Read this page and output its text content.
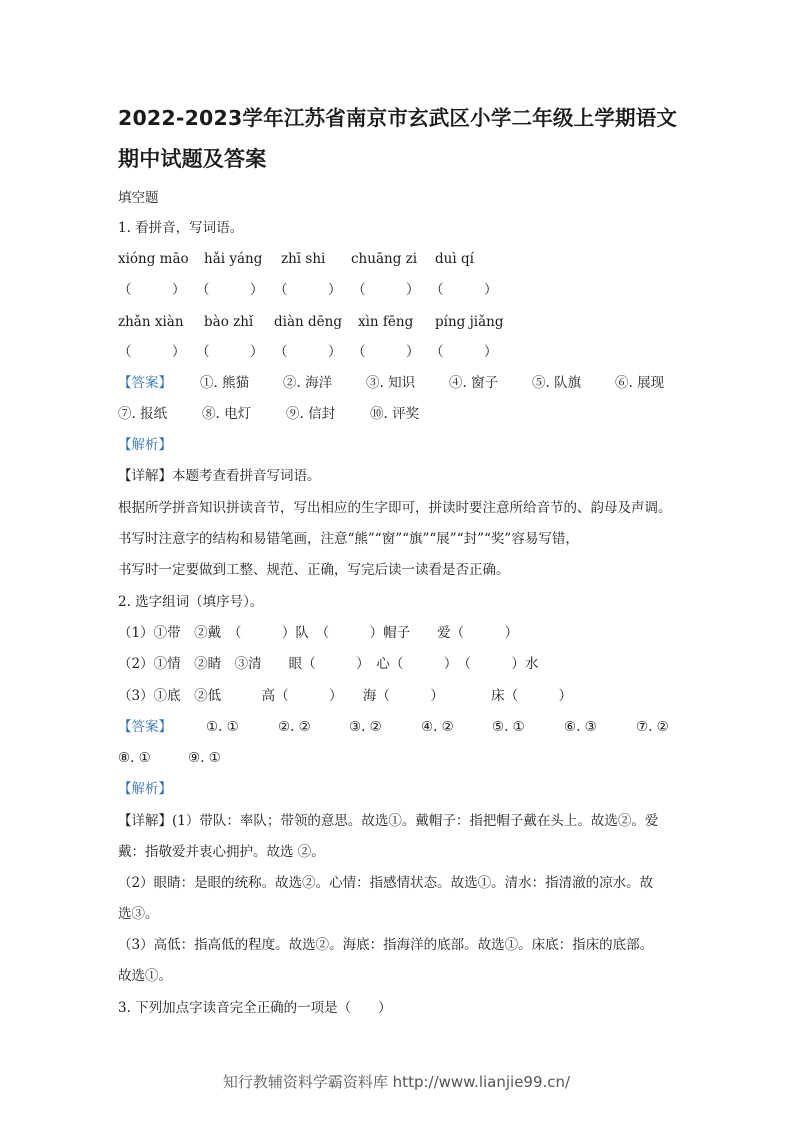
2022-2023学年江苏省南京市玄武区小学二年级上学期语文
期中试题及答案
填空题
1. 看拼音，写词语。
xióng māo hǎi yáng zhī shi chuāng zi duì qí
（　　　） （　　　） （　　　） （　　　） （　　　）
zhǎn xiàn bào zhǐ diàn dēng xìn fēng píng jiǎng
（　　　） （　　　） （　　　） （　　　） （　　　）
【答案】 ①. 熊猫	②. 海洋	③. 知识	④. 窗子	⑤. 队旗	⑥. 展现
⑦. 报纸	⑧. 电灯	⑨. 信封	⑩. 评奖
【解析】
【详解】本题考查看拼音写词语。
根据所学拼音知识拼读音节，写出相应的生字即可，拼读时要注意所给音节的、韵母及声调。
书写时注意字的结构和易错笔画，注意“熊”“窗”“旗”“展”“封”“奖”容易写错，
书写时一定要做到工整、规范、正确，写完后读一读看是否正确。
2. 选字组词（填序号）。
（1）①带　②戴　（　　　）队　（　　　）帽子　　爱（　　　）
（2）①情　②睛　③清　　眼（　　　）　心（　　　）　（　　　）水
（3）①底　②低　　　高（　　　）　　海（　　　）　　　　床（　　　）
【答案】	①. ①	②. ②	③. ②	④. ②	⑤. ①	⑥. ③	⑦. ②
⑧. ①	⑨. ①
【解析】
【详解】(1）带队：率队；带领的意思。故选①。戴帽子：指把帽子戴在头上。故选②。爱
戴：指敬爱并衷心拥护。故选 ②。
（2）眼睛：是眼的统称。故选②。心情：指感情状态。故选①。清水：指清澈的凉水。故
选③。
（3）高低：指高低的程度。故选②。海底：指海洋的底部。故选①。床底：指床的底部。
故选①。
3. 下列加点字读音完全正确的一项是（　　）
知行教辅资料学霸资料库 http://www.lianjie99.cn/
